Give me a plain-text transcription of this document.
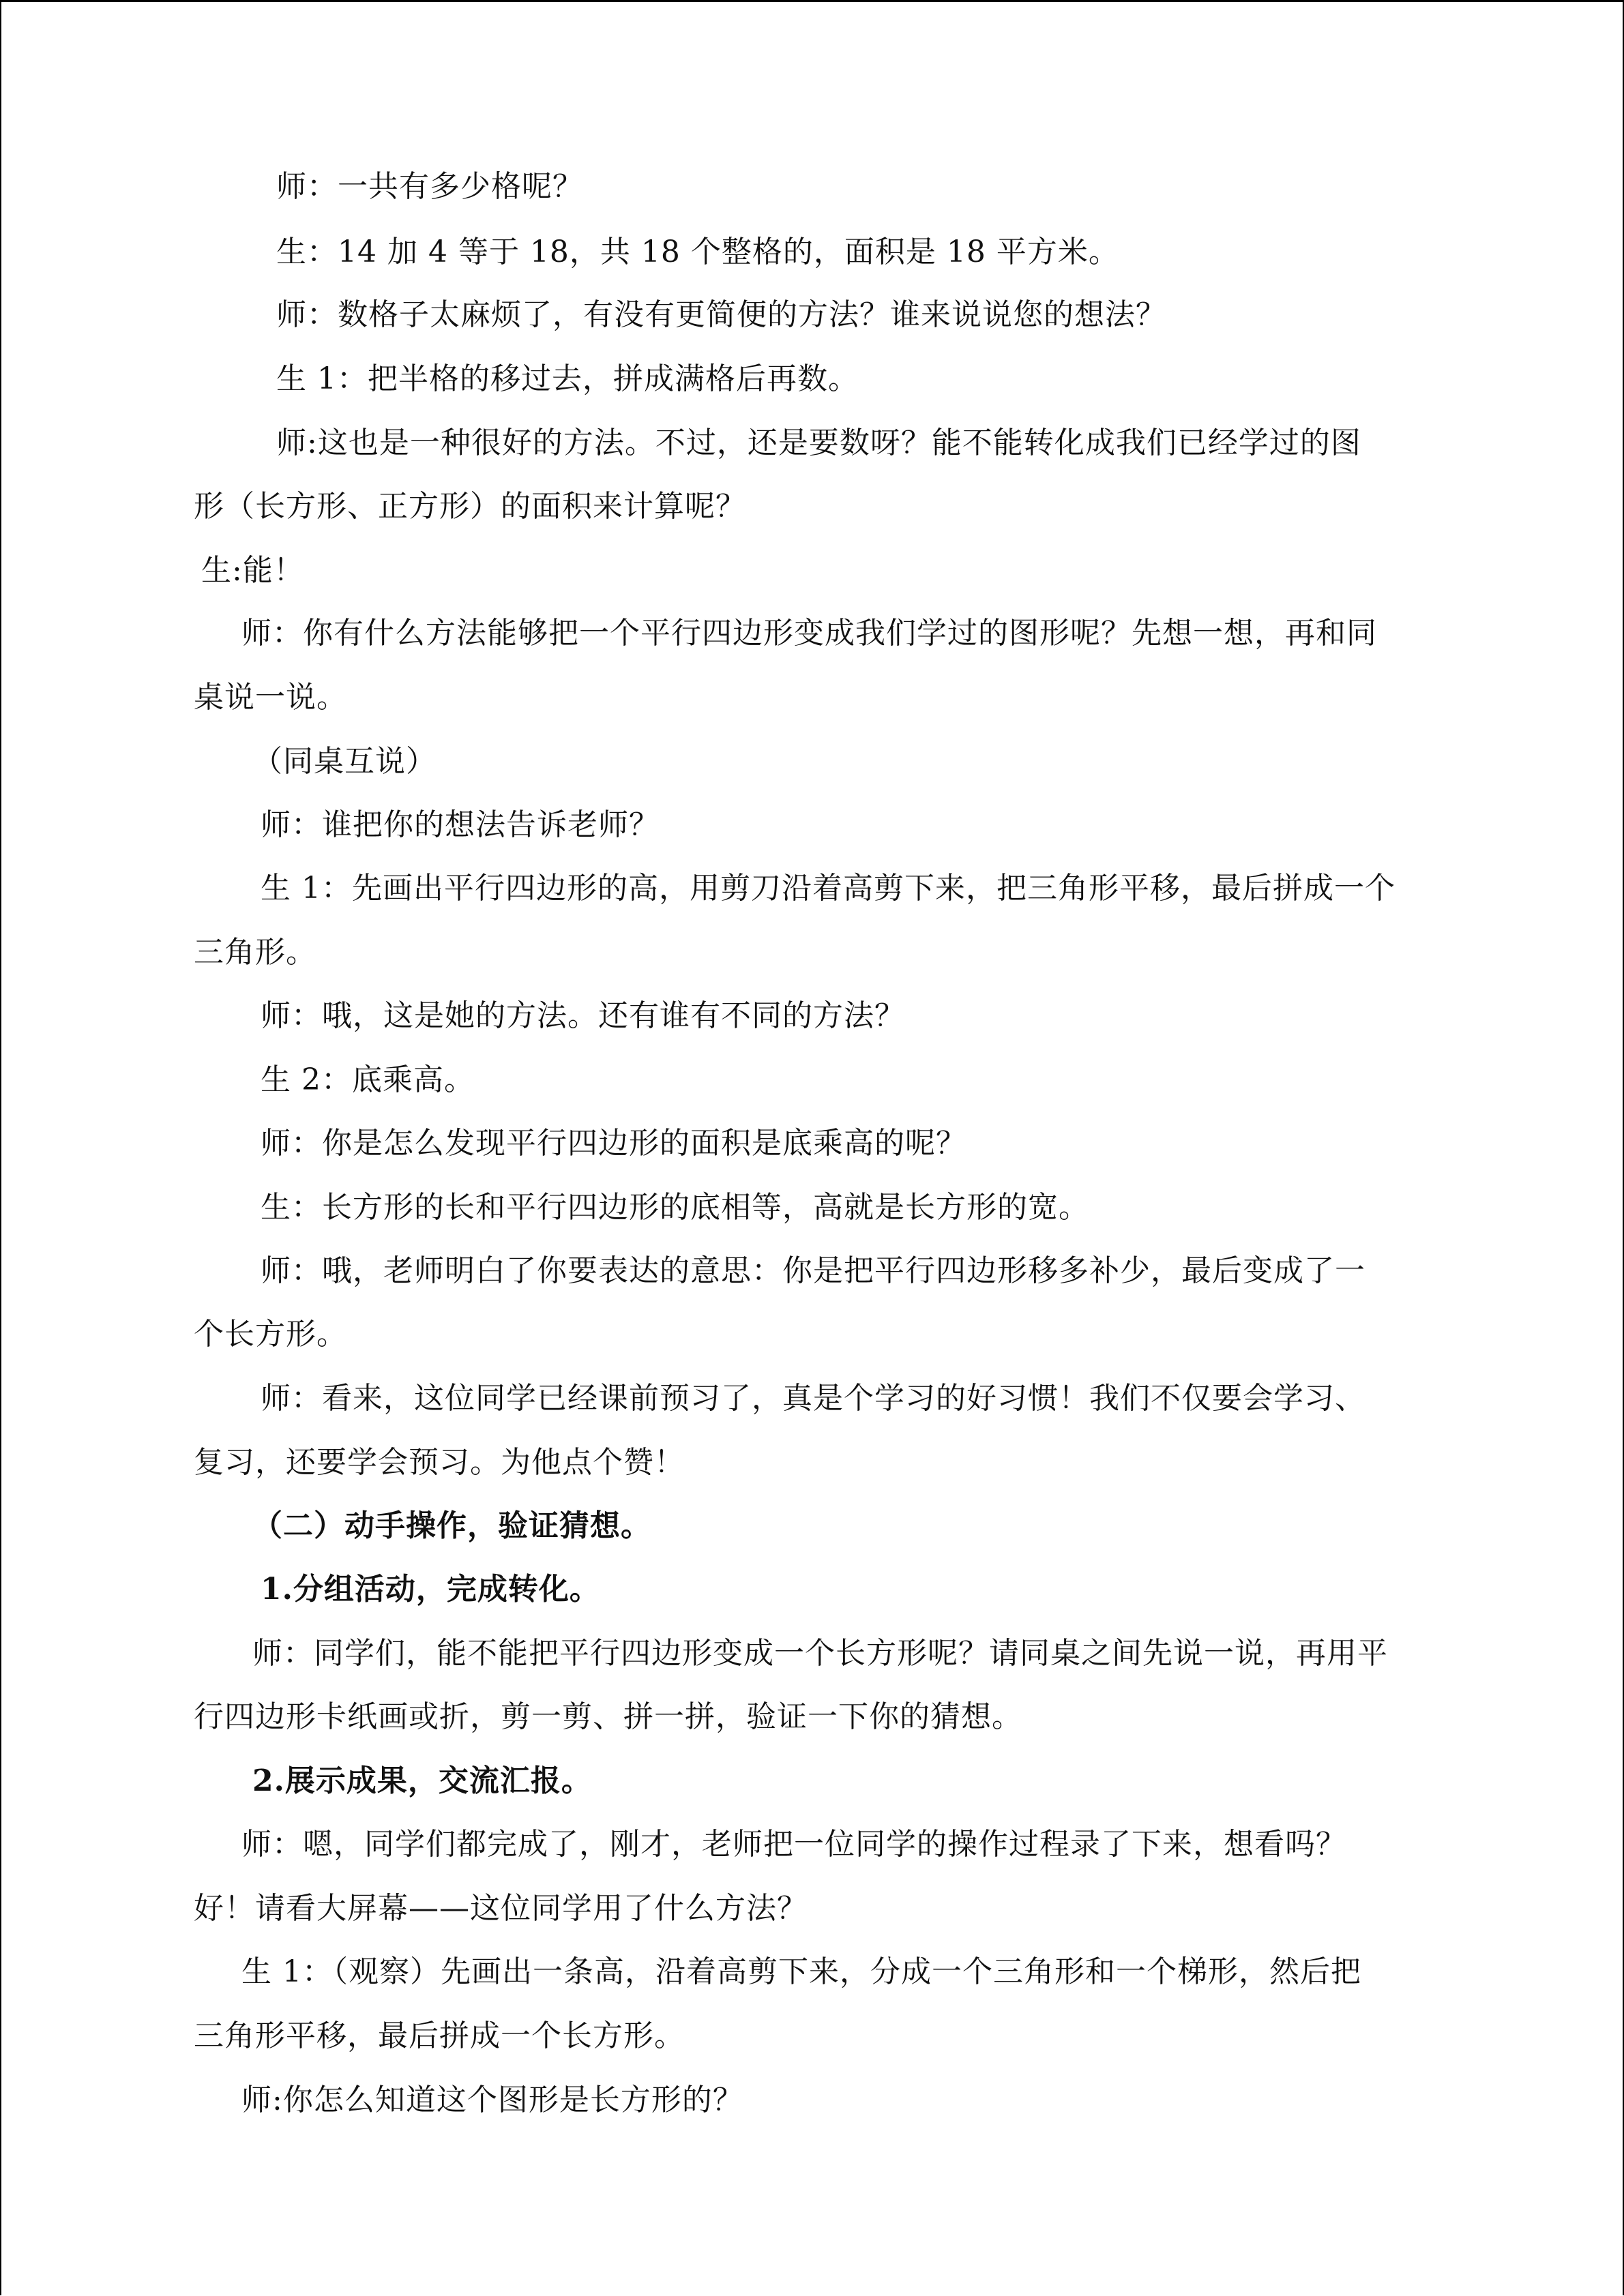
师：一共有多少格呢？
生：14 加 4 等于 18，共 18 个整格的，面积是 18 平方米。
师：数格子太麻烦了，有没有更简便的方法？谁来说说您的想法？
生 1：把半格的移过去，拼成满格后再数。
师:这也是一种很好的方法。不过，还是要数呀？能不能转化成我们已经学过的图
形（长方形、正方形）的面积来计算呢？
生:能！
师：你有什么方法能够把一个平行四边形变成我们学过的图形呢？先想一想，再和同
桌说一说。
（同桌互说）
师：谁把你的想法告诉老师？
生 1：先画出平行四边形的高，用剪刀沿着高剪下来，把三角形平移，最后拼成一个
三角形。
师：哦，这是她的方法。还有谁有不同的方法？
生 2：底乘高。
师：你是怎么发现平行四边形的面积是底乘高的呢？
生：长方形的长和平行四边形的底相等，高就是长方形的宽。
师：哦，老师明白了你要表达的意思：你是把平行四边形移多补少，最后变成了一
个长方形。
师：看来，这位同学已经课前预习了，真是个学习的好习惯！我们不仅要会学习、
复习，还要学会预习。为他点个赞！
（二）动手操作，验证猜想。
1.分组活动，完成转化。
师：同学们，能不能把平行四边形变成一个长方形呢？请同桌之间先说一说，再用平
行四边形卡纸画或折，剪一剪、拼一拼，验证一下你的猜想。
2.展示成果，交流汇报。
师：嗯，同学们都完成了，刚才，老师把一位同学的操作过程录了下来，想看吗？
好！请看大屏幕——这位同学用了什么方法？
生 1：（观察）先画出一条高，沿着高剪下来，分成一个三角形和一个梯形，然后把
三角形平移，最后拼成一个长方形。
师:你怎么知道这个图形是长方形的？
